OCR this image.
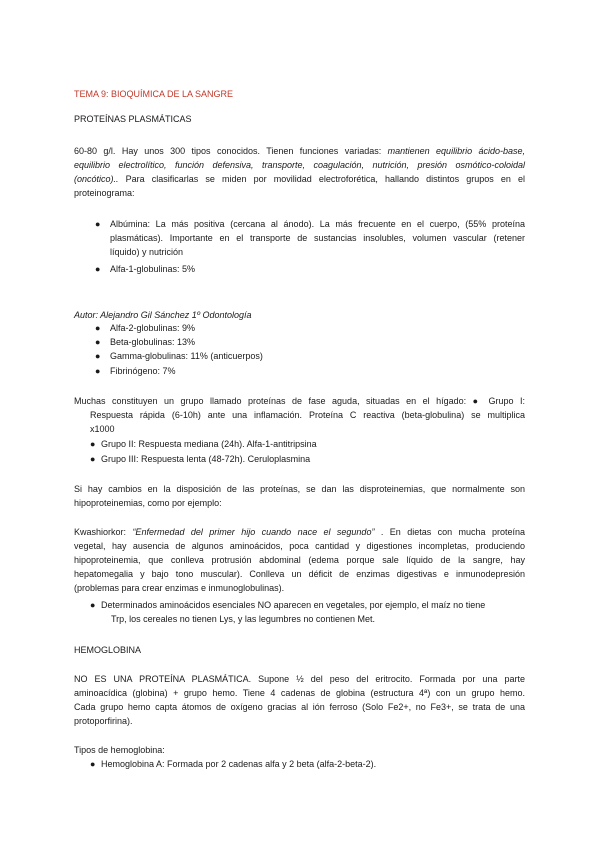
TEMA 9: BIOQUÍMICA DE LA SANGRE
PROTEÍNAS PLASMÁTICAS
60-80 g/l. Hay unos 300 tipos conocidos. Tienen funciones variadas: mantienen equilibrio ácido-base,
equilibrio electrolítico, función defensiva, transporte, coagulación, nutrición, presión osmótico-coloidal
(oncótico).. Para clasificarlas se miden por movilidad electroforética, hallando distintos grupos en el
proteinograma:
● Albúmina: La más positiva (cercana al ánodo). La más frecuente en el cuerpo, (55% proteína
plasmáticas). Importante en el transporte de sustancias insolubles, volumen vascular (retener
líquido) y nutrición
● Alfa-1-globulinas: 5%
Autor: Alejandro Gil Sánchez 1º Odontología
● Alfa-2-globulinas: 9%
● Beta-globulinas: 13%
● Gamma-globulinas: 11% (anticuerpos)
● Fibrinógeno: 7%
Muchas constituyen un grupo llamado proteínas de fase aguda, situadas en el hígado: ● Grupo I:
Respuesta rápida (6-10h) ante una inflamación. Proteína C reactiva (beta-globulina) se multiplica
x1000
● Grupo II: Respuesta mediana (24h). Alfa-1-antitripsina
● Grupo III: Respuesta lenta (48-72h). Ceruloplasmina
Si hay cambios en la disposición de las proteínas, se dan las disproteinemias, que normalmente son
hipoproteinemias, como por ejemplo:
Kwashiorkor: “Enfermedad del primer hijo cuando nace el segundo” . En dietas con mucha proteína
vegetal, hay ausencia de algunos aminoácidos, poca cantidad y digestiones incompletas, produciendo
hipoproteinemia, que conlleva protrusión abdominal (edema porque sale líquido de la sangre, hay
hepatomegalia y bajo tono muscular). Conlleva un déficit de enzimas digestivas e inmunodepresión
(problemas para crear enzimas e inmunoglobulinas).
● Determinados aminoácidos esenciales NO aparecen en vegetales, por ejemplo, el maíz no tiene
Trp, los cereales no tienen Lys, y las legumbres no contienen Met.
HEMOGLOBINA
NO ES UNA PROTEÍNA PLASMÁTICA. Supone ½ del peso del eritrocito. Formada por una parte
aminoacídica (globina) + grupo hemo. Tiene 4 cadenas de globina (estructura 4ª) con un grupo hemo.
Cada grupo hemo capta átomos de oxígeno gracias al ión ferroso (Solo Fe2+, no Fe3+, se trata de una
protoporfirina).
Tipos de hemoglobina:
● Hemoglobina A: Formada por 2 cadenas alfa y 2 beta (alfa-2-beta-2).
